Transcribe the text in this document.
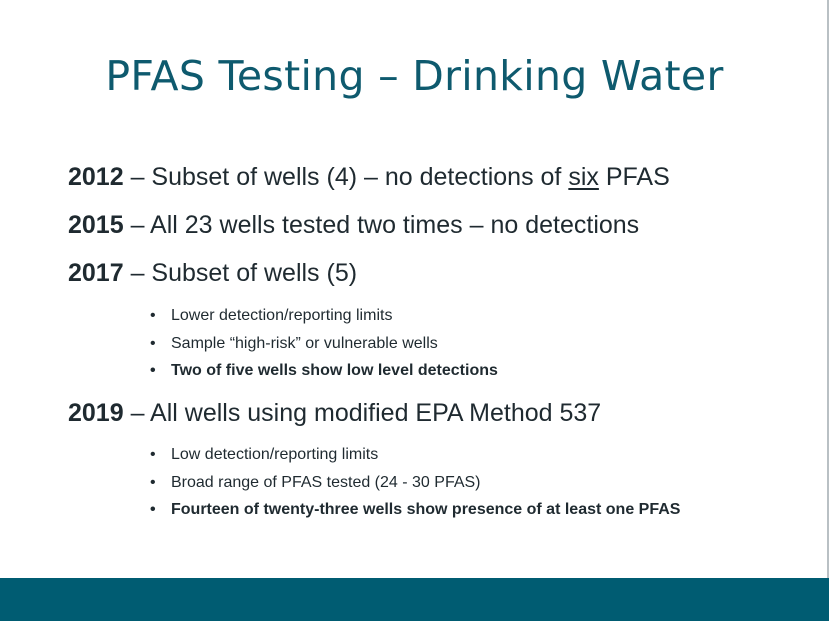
PFAS Testing – Drinking Water
2012 – Subset of wells (4) – no detections of six PFAS
2015 – All 23 wells tested two times – no detections
2017 – Subset of wells (5)
• Lower detection/reporting limits
• Sample “high-risk” or vulnerable wells
• Two of five wells show low level detections
2019 – All wells using modified EPA Method 537
• Low detection/reporting limits
• Broad range of PFAS tested (24 - 30 PFAS)
• Fourteen of twenty-three wells show presence of at least one PFAS
